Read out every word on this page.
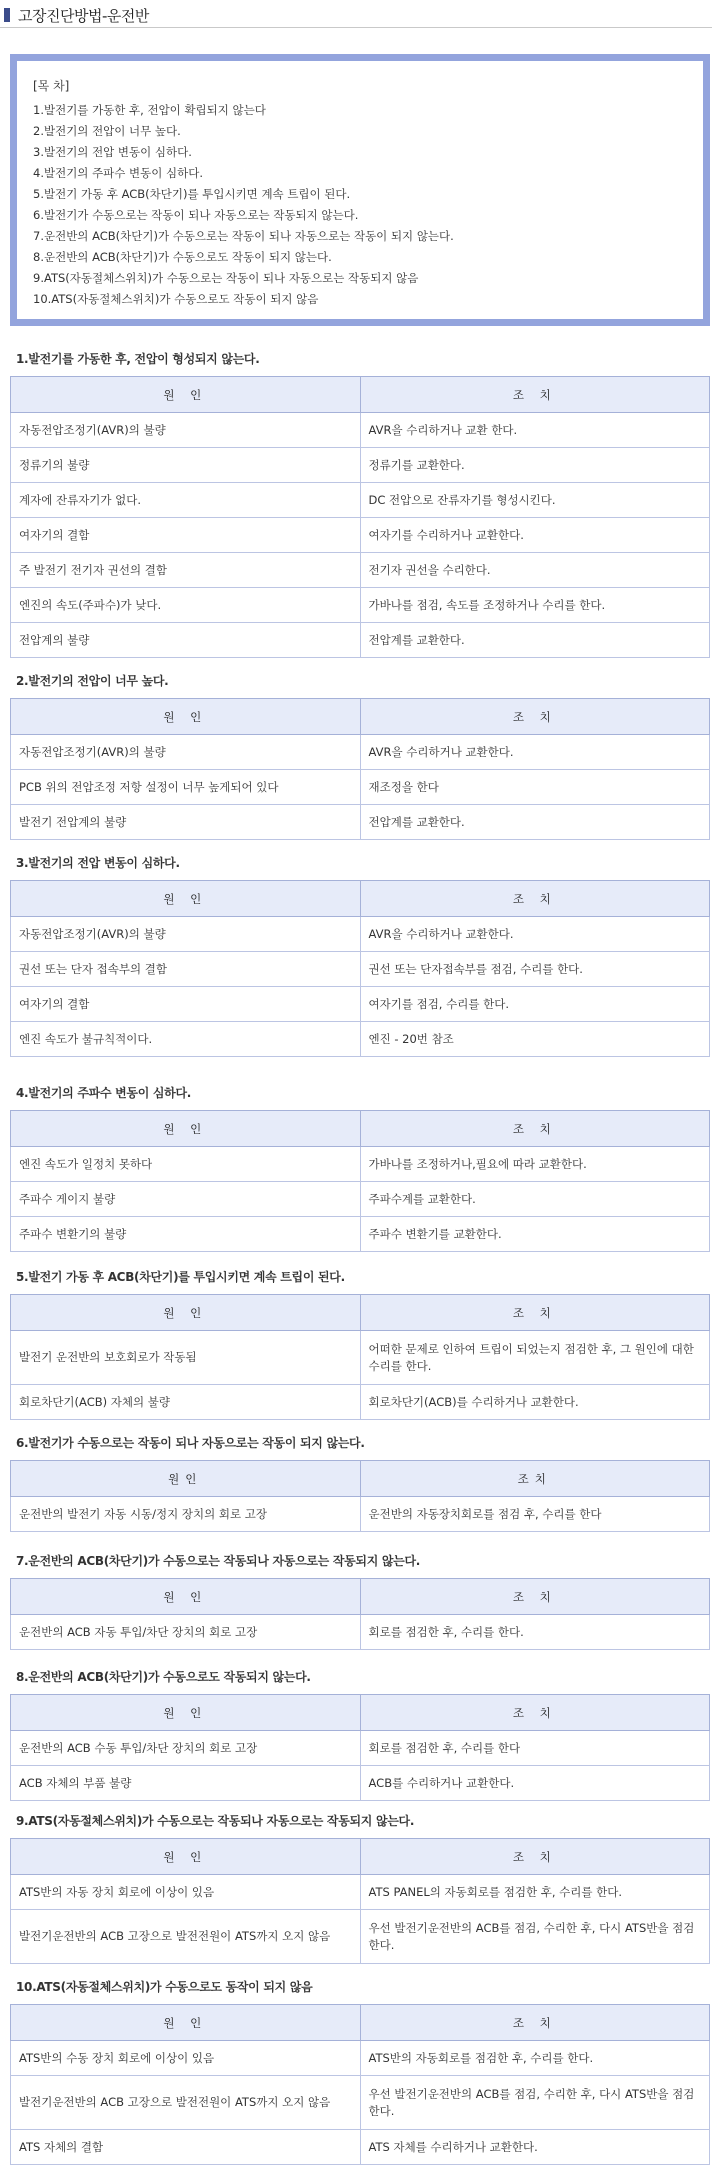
고장진단방법-운전반
[목 차]
1.발전기를 가동한 후, 전압이 확립되지 않는다
2.발전기의 전압이 너무 높다.
3.발전기의 전압 변동이 심하다.
4.발전기의 주파수 변동이 심하다.
5.발전기 가동 후 ACB(차단기)를 투입시키면 계속 트립이 된다.
6.발전기가 수동으로는 작동이 되나 자동으로는 작동되지 않는다.
7.운전반의 ACB(차단기)가 수동으로는 작동이 되나 자동으로는 작동이 되지 않는다.
8.운전반의 ACB(차단기)가 수동으로도 작동이 되지 않는다.
9.ATS(자동절체스위치)가 수동으로는 작동이 되나 자동으로는 작동되지 않음
10.ATS(자동절체스위치)가 수동으로도 작동이 되지 않음
1.발전기를 가동한 후, 전압이 형성되지 않는다.
원 인	조 치
자동전압조정기(AVR)의 불량	AVR을 수리하거나 교환 한다.
정류기의 불량	정류기를 교환한다.
계자에 잔류자기가 없다.	DC 전압으로 잔류자기를 형성시킨다.
여자기의 결함	여자기를 수리하거나 교환한다.
주 발전기 전기자 권선의 결함	전기자 권선을 수리한다.
엔진의 속도(주파수)가 낮다.	가바나를 점검, 속도를 조정하거나 수리를 한다.
전압계의 불량	전압계를 교환한다.
2.발전기의 전압이 너무 높다.
원 인	조 치
자동전압조정기(AVR)의 불량	AVR을 수리하거나 교환한다.
PCB 위의 전압조정 저항 설정이 너무 높게되어 있다	재조정을 한다
발전기 전압계의 불량	전압계를 교환한다.
3.발전기의 전압 변동이 심하다.
원 인	조 치
자동전압조정기(AVR)의 불량	AVR을 수리하거나 교환한다.
권선 또는 단자 접속부의 결함	권선 또는 단자접속부를 점검, 수리를 한다.
여자기의 결함	여자기를 점검, 수리를 한다.
엔진 속도가 불규칙적이다.	엔진 - 20번 참조
4.발전기의 주파수 변동이 심하다.
원 인	조 치
엔진 속도가 일정치 못하다	가바나를 조정하거나,필요에 따라 교환한다.
주파수 게이지 불량	주파수계를 교환한다.
주파수 변환기의 불량	주파수 변환기를 교환한다.
5.발전기 가동 후 ACB(차단기)를 투입시키면 계속 트립이 된다.
원 인	조 치
발전기 운전반의 보호회로가 작동됨	어떠한 문제로 인하여 트립이 되었는지 점검한 후, 그 원인에 대한 수리를 한다.
회로차단기(ACB) 자체의 불량	회로차단기(ACB)를 수리하거나 교환한다.
6.발전기가 수동으로는 작동이 되나 자동으로는 작동이 되지 않는다.
원인	조치
운전반의 발전기 자동 시동/정지 장치의 회로 고장	운전반의 자동장치회로를 점검 후, 수리를 한다
7.운전반의 ACB(차단기)가 수동으로는 작동되나 자동으로는 작동되지 않는다.
원 인	조 치
운전반의 ACB 자동 투입/차단 장치의 회로 고장	회로를 점검한 후, 수리를 한다.
8.운전반의 ACB(차단기)가 수동으로도 작동되지 않는다.
원 인	조 치
운전반의 ACB 수동 투입/차단 장치의 회로 고장	회로를 점검한 후, 수리를 한다
ACB 자체의 부품 불량	ACB를 수리하거나 교환한다.
9.ATS(자동절체스위치)가 수동으로는 작동되나 자동으로는 작동되지 않는다.
원 인	조 치
ATS반의 자동 장치 회로에 이상이 있음	ATS PANEL의 자동회로를 점검한 후, 수리를 한다.
발전기운전반의 ACB 고장으로 발전전원이 ATS까지 오지 않음	우선 발전기운전반의 ACB를 점검, 수리한 후, 다시 ATS반을 점검한다.
10.ATS(자동절체스위치)가 수동으로도 동작이 되지 않음
원 인	조 치
ATS반의 수동 장치 회로에 이상이 있음	ATS반의 자동회로를 점검한 후, 수리를 한다.
발전기운전반의 ACB 고장으로 발전전원이 ATS까지 오지 않음	우선 발전기운전반의 ACB를 점검, 수리한 후, 다시 ATS반을 점검한다.
ATS 자체의 결함	ATS 자체를 수리하거나 교환한다.
